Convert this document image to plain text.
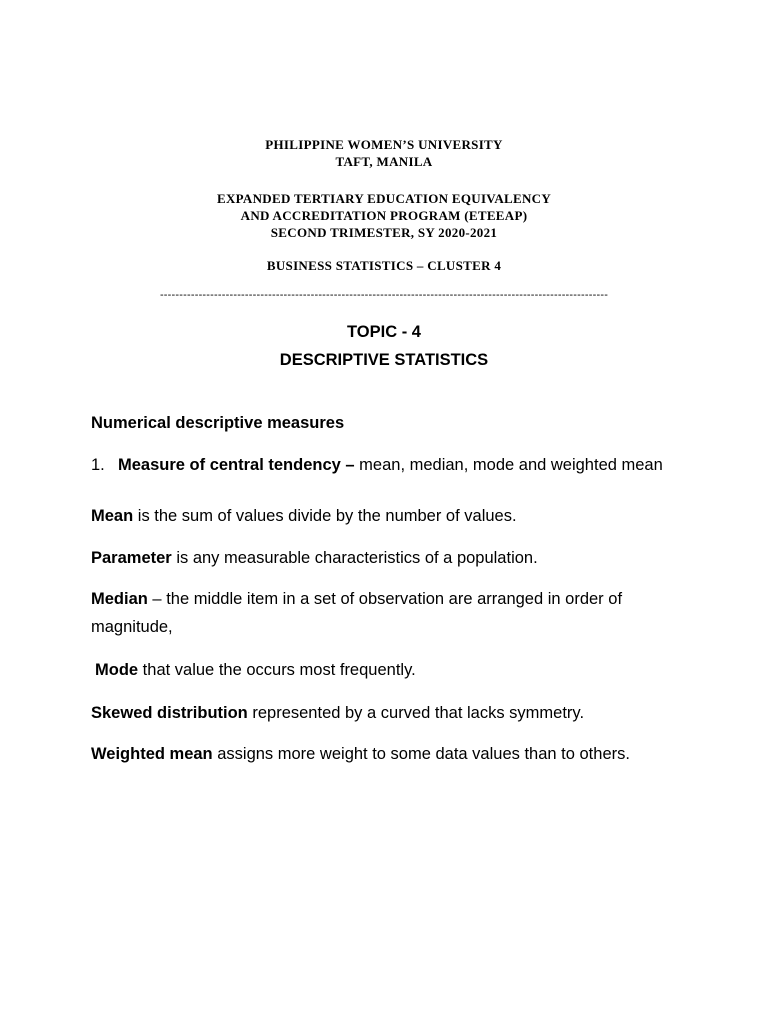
PHILIPPINE WOMEN’S UNIVERSITY
TAFT, MANILA
EXPANDED TERTIARY EDUCATION EQUIVALENCY
AND ACCREDITATION PROGRAM (ETEEAP)
SECOND TRIMESTER, SY 2020-2021
BUSINESS STATISTICS – CLUSTER 4
--------------------------------------------------------------------------------------------------------------------
TOPIC - 4
DESCRIPTIVE STATISTICS
Numerical descriptive measures
1. Measure of central tendency – mean, median, mode and weighted mean
Mean is the sum of values divide by the number of values.
Parameter is any measurable characteristics of a population.
Median – the middle item in a set of observation are arranged in order of magnitude,
Mode that value the occurs most frequently.
Skewed distribution represented by a curved that lacks symmetry.
Weighted mean assigns more weight to some data values than to others.
